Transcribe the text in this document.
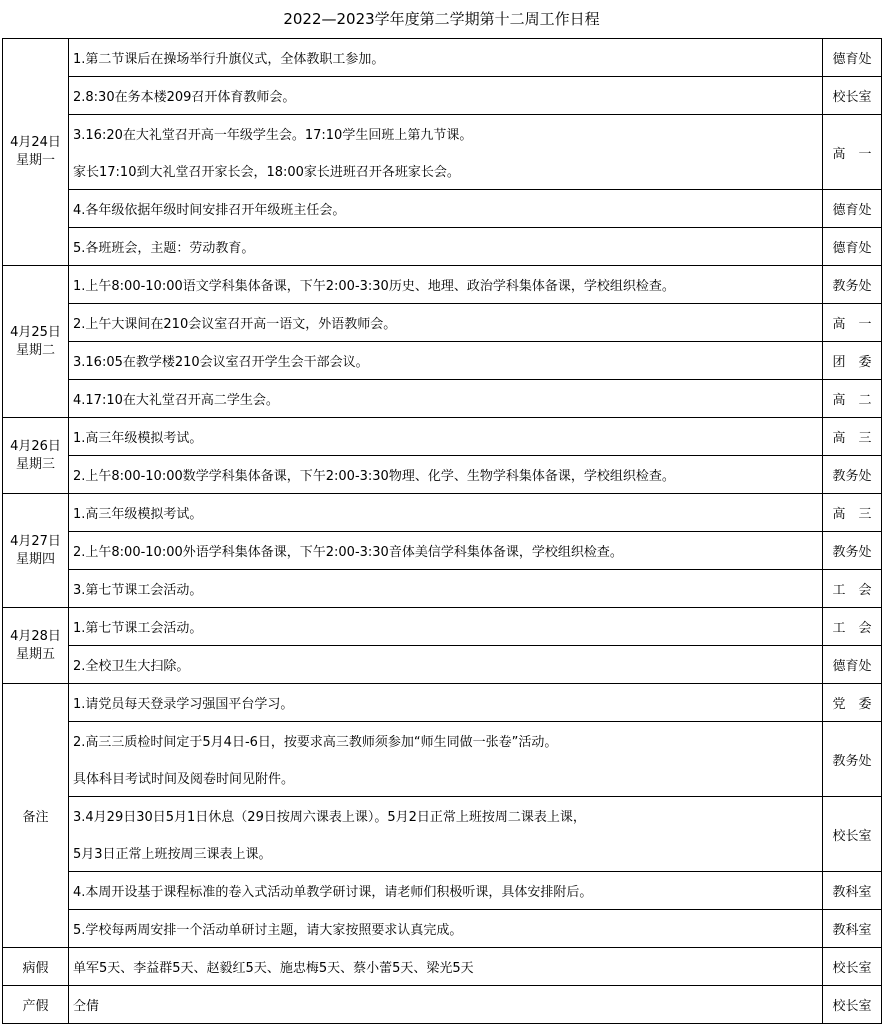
2022—2023学年度第二学期第十二周工作日程
4月24日
星期一	1.第二节课后在操场举行升旗仪式，全体教职工参加。	德育处
	2.8:30在务本楼209召开体育教师会。	校长室
	3.16:20在大礼堂召开高一年级学生会。17:10学生回班上第九节课。	高　一
	家长17:10到大礼堂召开家长会，18:00家长进班召开各班家长会。	
	4.各年级依据年级时间安排召开年级班主任会。	德育处
	5.各班班会，主题：劳动教育。	德育处

4月25日
星期二	1.上午8:00-10:00语文学科集体备课，下午2:00-3:30历史、地理、政治学科集体备课，学校组织检查。	教务处
	2.上午大课间在210会议室召开高一语文，外语教师会。	高　一
	3.16:05在教学楼210会议室召开学生会干部会议。	团　委
	4.17:10在大礼堂召开高二学生会。	高　二

4月26日
星期三	1.高三年级模拟考试。	高　三
	2.上午8:00-10:00数学学科集体备课，下午2:00-3:30物理、化学、生物学科集体备课，学校组织检查。	教务处

4月27日
星期四	1.高三年级模拟考试。	高　三
	2.上午8:00-10:00外语学科集体备课，下午2:00-3:30音体美信学科集体备课，学校组织检查。	教务处
	3.第七节课工会活动。	工　会

4月28日
星期五	1.第七节课工会活动。	工　会
	2.全校卫生大扫除。	德育处
备注	1.请党员每天登录学习强国平台学习。	党　委
	2.高三三质检时间定于5月4日-6日，按要求高三教师须参加“师生同做一张卷”活动。	教务处
	具体科目考试时间及阅卷时间见附件。	
	3.4月29日30日5月1日休息（29日按周六课表上课）。5月2日正常上班按周二课表上课，	校长室
	5月3日正常上班按周三课表上课。	
	4.本周开设基于课程标准的卷入式活动单教学研讨课，请老师们积极听课，具体安排附后。	教科室
	5.学校每两周安排一个活动单研讨主题，请大家按照要求认真完成。	教科室
病假	单军5天、李益群5天、赵毅红5天、施忠梅5天、蔡小蕾5天、梁光5天	校长室
产假	仝倩	校长室
